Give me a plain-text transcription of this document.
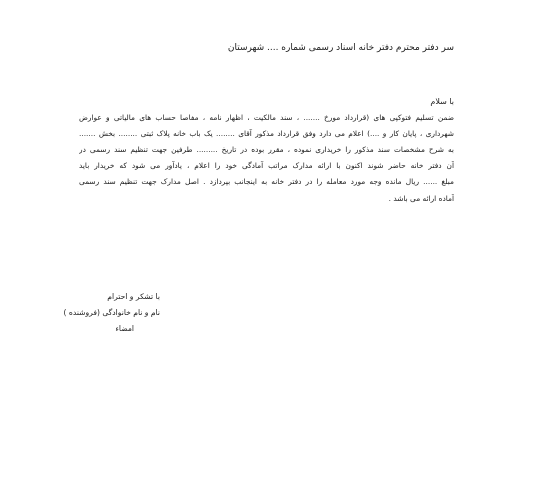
سر دفتر محترم دفتر خانه اسناد رسمی شماره .... شهرستان
با سلام
ضمن تسلیم فتوکپی های (قرارداد مورخ ....... ، سند مالکیت ، اظهار نامه ، مفاصا حساب های مالیاتی و عوارض
شهرداری ، پایان کار و ....) اعلام می دارد وفق قرارداد مذکور آقای ........ یک باب خانه پلاک ثبتی ........ بخش .......
به شرح مشخصات سند مذکور را خریداری نموده ، مقرر بوده در تاریخ ......... طرفین جهت تنظیم سند رسمی در
آن دفتر خانه حاضر شوند اکنون با ارائه مدارک مراتب آمادگی خود را اعلام ، یادآور می شود که خریدار باید
مبلغ ...... ریال مانده وجه مورد معامله را در دفتر خانه به اینجانب بپردازد . اصل مدارک جهت تنظیم سند رسمی
آماده ارائه می باشد .
با تشکر و احترام
نام و نام خانوادگی (فروشنده )
امضاء
